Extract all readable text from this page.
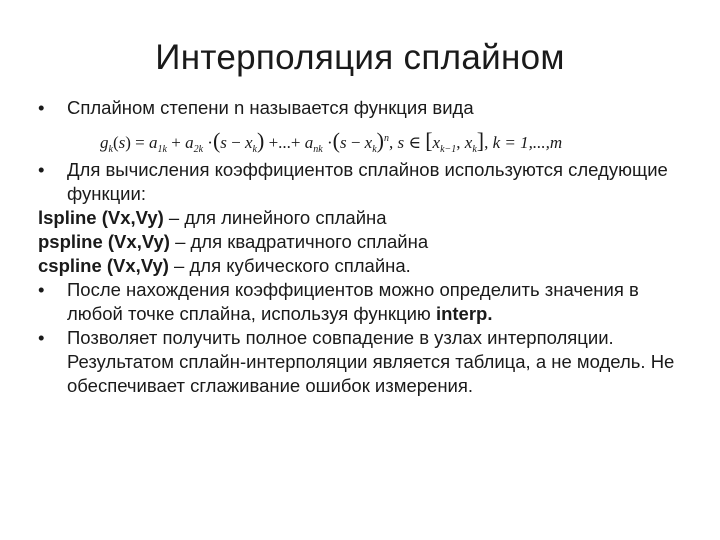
Интерполяция сплайном
•	Сплайном степени n называется функция вида
$g_k(s) = a_{1k} + a_{2k} \cdot(s - x_k)$ +...+ $a_{nk} \cdot(s - x_k)^n$, s ∈ [$x_{k-1}$, $x_k$], k = 1,...,m
•	Для вычисления коэффициентов сплайнов используются следующие функции:
lspline (Vx,Vy) – для линейного сплайна
pspline (Vx,Vy) – для квадратичного сплайна
cspline (Vx,Vy) – для кубического сплайна.
•	После нахождения коэффициентов можно определить значения в любой точке сплайна, используя функцию interp.
•	Позволяет получить полное совпадение в узлах интерполяции. Результатом сплайн-интерполяции является таблица, а не модель. Не обеспечивает сглаживание ошибок измерения.
